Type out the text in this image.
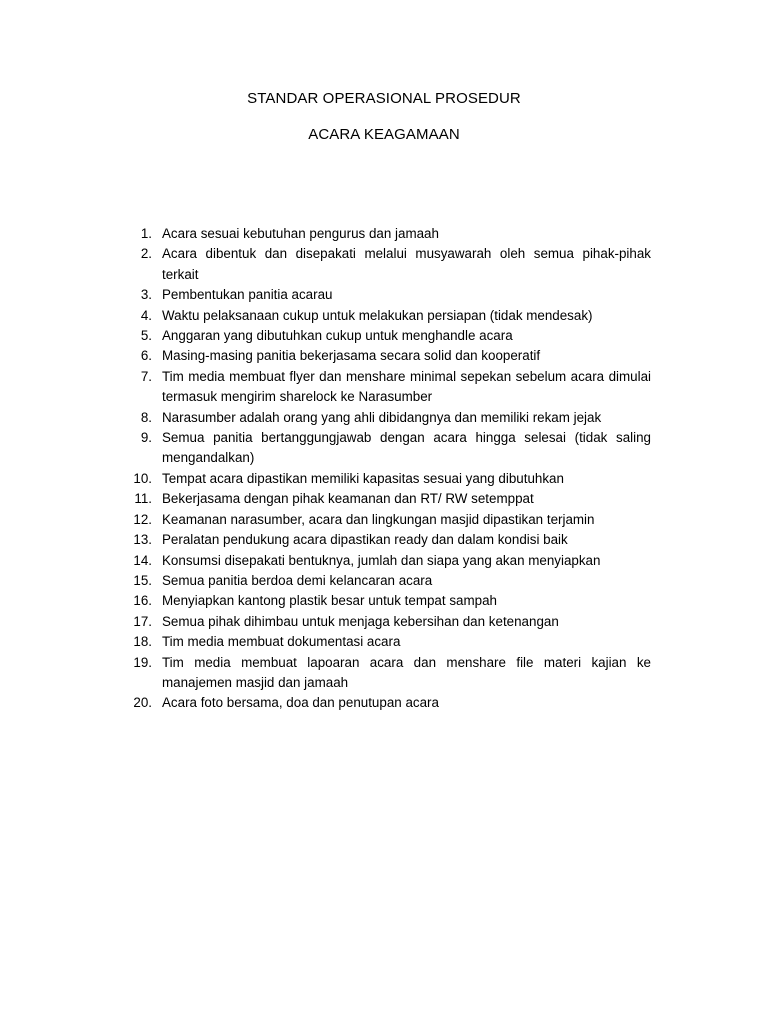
STANDAR OPERASIONAL PROSEDUR
ACARA KEAGAMAAN
1. Acara sesuai kebutuhan pengurus dan jamaah
2. Acara dibentuk dan disepakati melalui musyawarah oleh semua pihak-pihak terkait
3. Pembentukan panitia acarau
4. Waktu pelaksanaan cukup untuk melakukan persiapan (tidak mendesak)
5. Anggaran yang dibutuhkan cukup untuk menghandle acara
6. Masing-masing panitia bekerjasama secara solid dan kooperatif
7. Tim media membuat flyer dan menshare minimal sepekan sebelum acara dimulai termasuk mengirim sharelock ke Narasumber
8. Narasumber adalah orang yang ahli dibidangnya dan memiliki rekam jejak
9. Semua panitia bertanggungjawab dengan acara hingga selesai (tidak saling mengandalkan)
10. Tempat acara dipastikan memiliki kapasitas sesuai yang dibutuhkan
11. Bekerjasama dengan pihak keamanan dan RT/ RW setemppat
12. Keamanan narasumber, acara dan lingkungan masjid dipastikan terjamin
13. Peralatan pendukung acara dipastikan ready dan dalam kondisi baik
14. Konsumsi disepakati bentuknya, jumlah dan siapa yang akan menyiapkan
15. Semua panitia berdoa demi kelancaran acara
16. Menyiapkan kantong plastik besar untuk tempat sampah
17. Semua pihak dihimbau untuk menjaga kebersihan dan ketenangan
18. Tim media membuat dokumentasi acara
19. Tim media membuat lapoaran acara dan menshare file materi kajian ke manajemen masjid dan jamaah
20. Acara foto bersama, doa dan penutupan acara
